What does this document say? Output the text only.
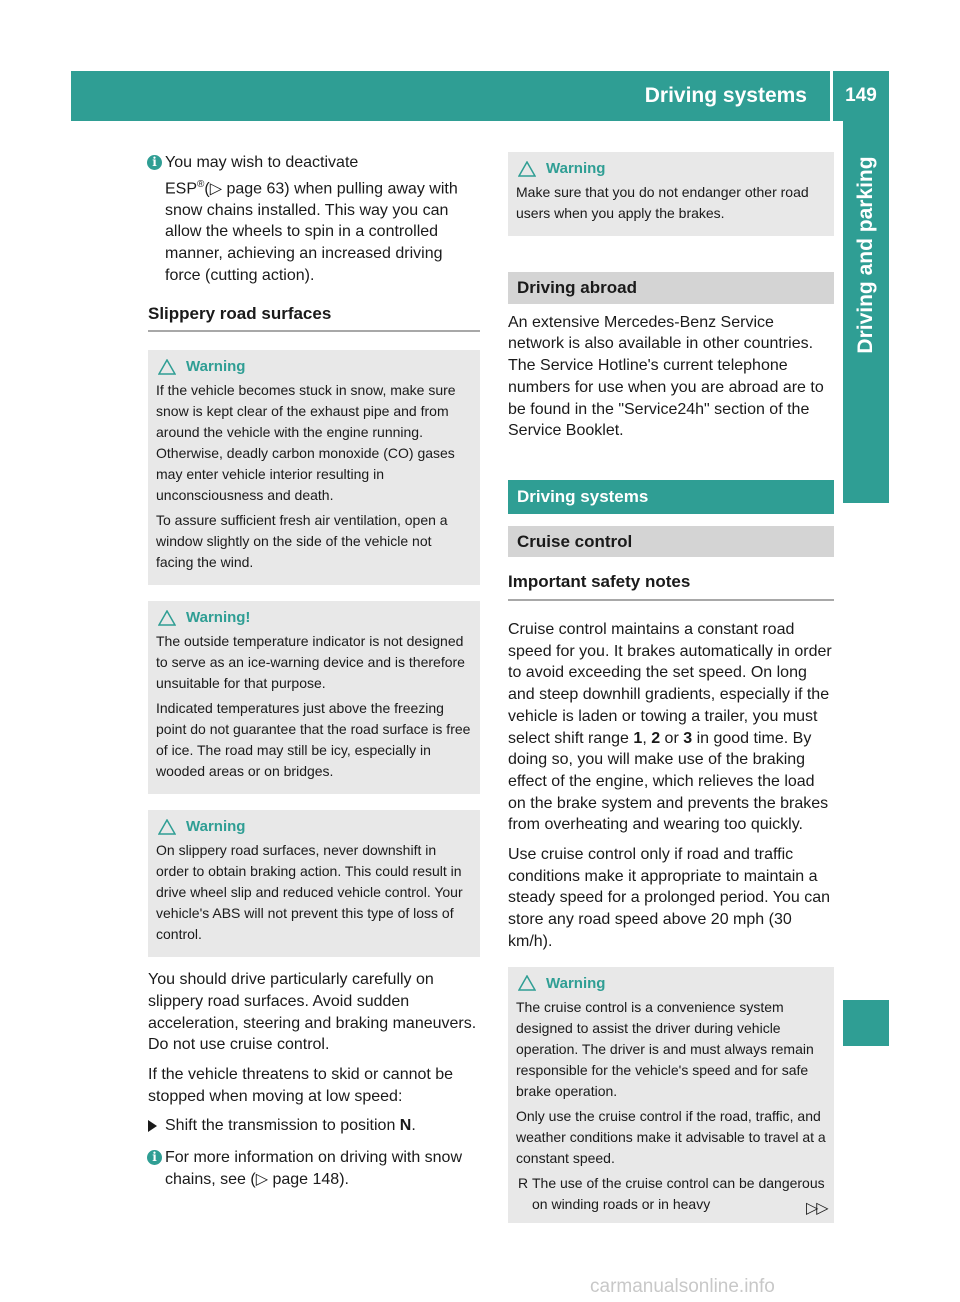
Driving systems	149
Driving and parking
i You may wish to deactivate
ESP®(▷ page 63) when pulling away with snow chains installed. This way you can allow the wheels to spin in a controlled manner, achieving an increased driving force (cutting action).
Slippery road surfaces
Warning

If the vehicle becomes stuck in snow, make sure snow is kept clear of the exhaust pipe and from around the vehicle with the engine running. Otherwise, deadly carbon monoxide (CO) gases may enter vehicle interior resulting in unconsciousness and death.

To assure sufficient fresh air ventilation, open a window slightly on the side of the vehicle not facing the wind.

Warning!

The outside temperature indicator is not designed to serve as an ice-warning device and is therefore unsuitable for that purpose.

Indicated temperatures just above the freezing point do not guarantee that the road surface is free of ice. The road may still be icy, especially in wooded areas or on bridges.

Warning

On slippery road surfaces, never downshift in order to obtain braking action. This could result in drive wheel slip and reduced vehicle control. Your vehicle's ABS will not prevent this type of loss of control.

You should drive particularly carefully on slippery road surfaces. Avoid sudden acceleration, steering and braking maneuvers. Do not use cruise control.

If the vehicle threatens to skid or cannot be stopped when moving at low speed:

Shift the transmission to position N.
i For more information on driving with snow chains, see (▷ page 148).
Warning

Make sure that you do not endanger other road users when you apply the brakes.

Driving abroad

An extensive Mercedes-Benz Service network is also available in other countries. The Service Hotline's current telephone numbers for use when you are abroad are to be found in the "Service24h" section of the Service Booklet.

Driving systems
Cruise control
Important safety notes

Cruise control maintains a constant road speed for you. It brakes automatically in order to avoid exceeding the set speed. On long and steep downhill gradients, especially if the vehicle is laden or towing a trailer, you must select shift range 1, 2 or 3 in good time. By doing so, you will make use of the braking effect of the engine, which relieves the load on the brake system and prevents the brakes from overheating and wearing too quickly.

Use cruise control only if road and traffic conditions make it appropriate to maintain a steady speed for a prolonged period. You can store any road speed above 20 mph (30 km/h).

Warning

The cruise control is a convenience system designed to assist the driver during vehicle operation. The driver is and must always remain responsible for the vehicle's speed and for safe brake operation.

Only use the cruise control if the road, traffic, and weather conditions make it advisable to travel at a constant speed.

R The use of the cruise control can be dangerous on winding roads or in heavy	▷▷
carmanualsonline.info
